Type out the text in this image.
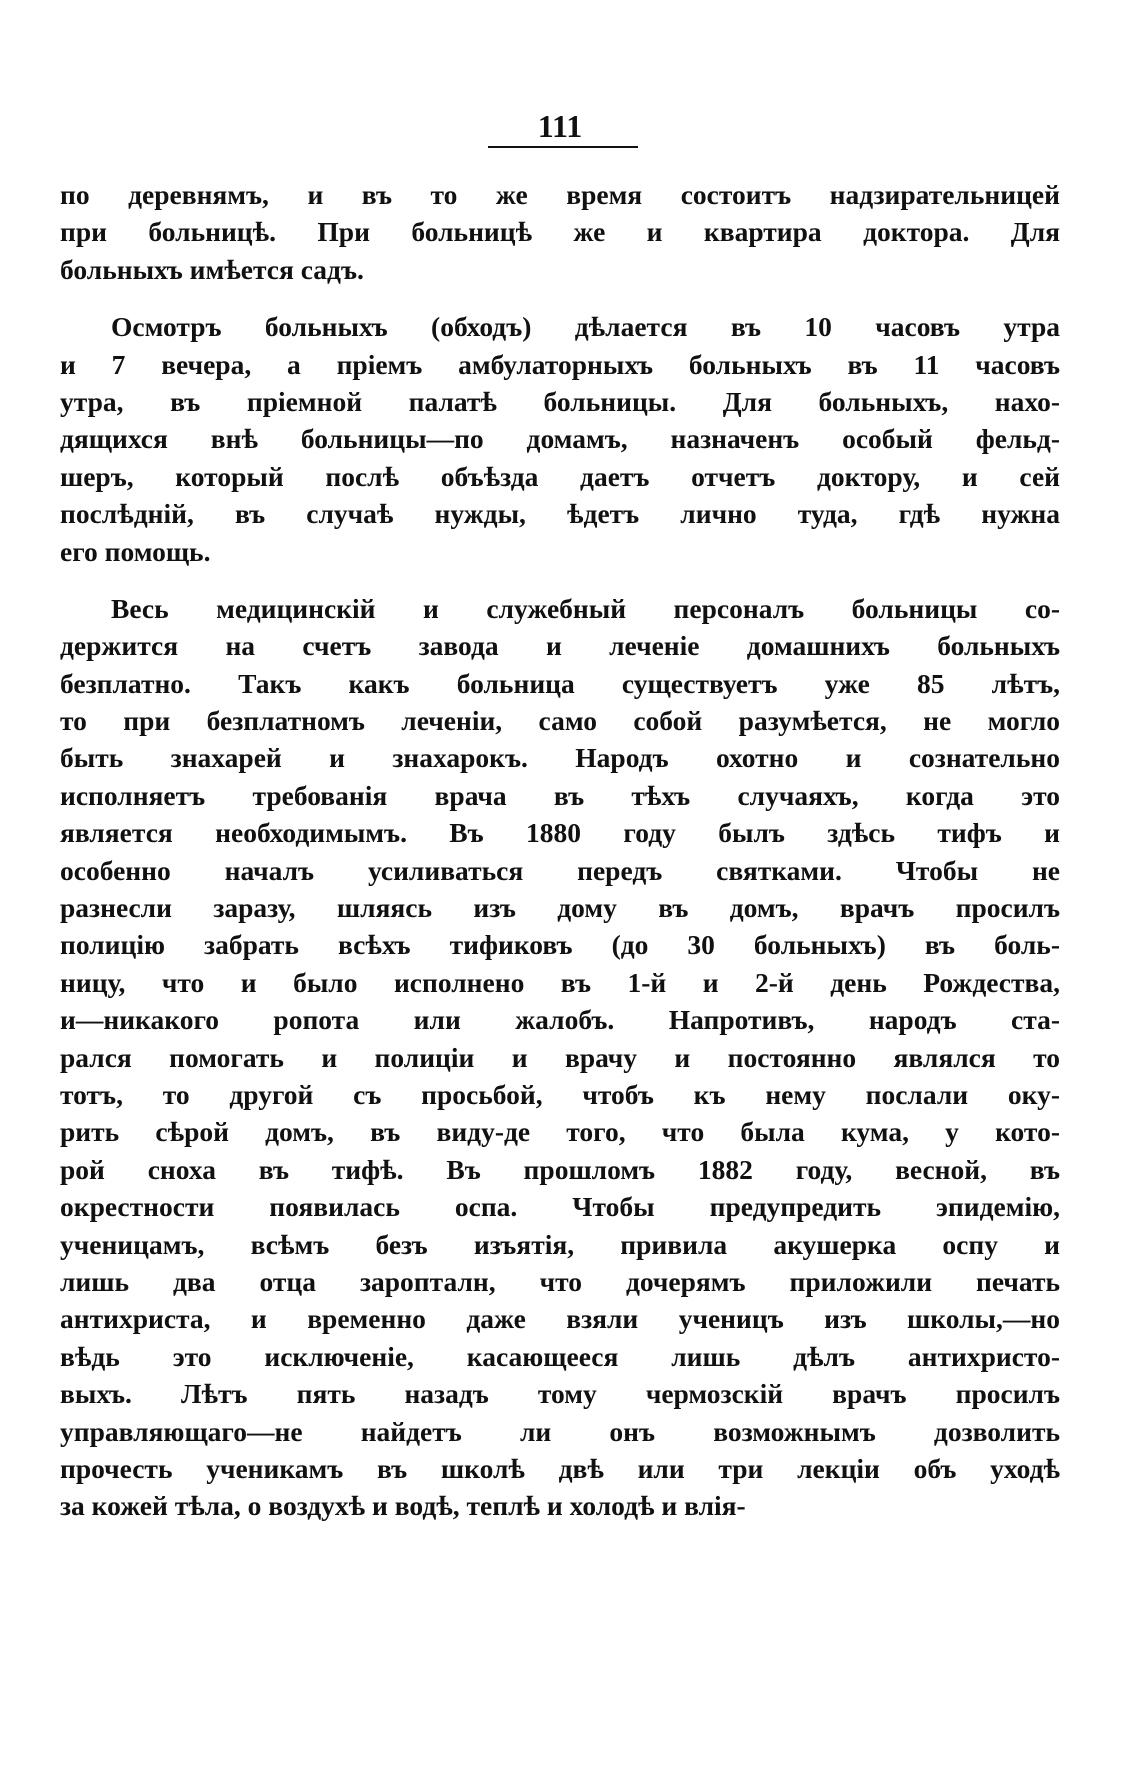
111
по деревнямъ, и въ то же время состоитъ надзирательницей
при больницѣ. При больницѣ же и квартира доктора. Для
больныхъ имѣется садъ.
Осмотръ больныхъ (обходъ) дѣлается въ 10 часовъ утра
и 7 вечера, а пріемъ амбулаторныхъ больныхъ въ 11 часовъ
утра, въ пріемной палатѣ больницы. Для больныхъ, нахо-
дящихся внѣ больницы—по домамъ, назначенъ особый фельд-
шеръ, который послѣ объѣзда даетъ отчетъ доктору, и сей
послѣдній, въ случаѣ нужды, ѣдетъ лично туда, гдѣ нужна
его помощь.
Весь медицинскій и служебный персоналъ больницы со-
держится на счетъ завода и леченіе домашнихъ больныхъ
безплатно. Такъ какъ больница существуетъ уже 85 лѣтъ,
то при безплатномъ леченіи, само собой разумѣется, не могло
быть знахарей и знахарокъ. Народъ охотно и сознательно
исполняетъ требованія врача въ тѣхъ случаяхъ, когда это
является необходимымъ. Въ 1880 году былъ здѣсь тифъ и
особенно началъ усиливаться передъ святками. Чтобы не
разнесли заразу, шляясь изъ дому въ домъ, врачъ просилъ
полицію забрать всѣхъ тификовъ (до 30 больныхъ) въ боль-
ницу, что и было исполнено въ 1-й и 2-й день Рождества,
и—никакого ропота или жалобъ. Напротивъ, народъ ста-
рался помогать и полиціи и врачу и постоянно являлся то
тотъ, то другой съ просьбой, чтобъ къ нему послали оку-
рить сѣрой домъ, въ виду-де того, что была кума, у кото-
рой сноха въ тифѣ. Въ прошломъ 1882 году, весной, въ
окрестности появилась оспа. Чтобы предупредить эпидемію,
ученицамъ, всѣмъ безъ изъятія, привила акушерка оспу и
лишь два отца заропталн, что дочерямъ приложили печать
антихриста, и временно даже взяли ученицъ изъ школы,—но
вѣдь это исключеніе, касающееся лишь дѣлъ антихристо-
выхъ. Лѣтъ пять назадъ тому чермозскій врачъ просилъ
управляющаго—не найдетъ ли онъ возможнымъ дозволить
прочесть ученикамъ въ школѣ двѣ или три лекціи объ уходѣ
за кожей тѣла, о воздухѣ и водѣ, теплѣ и холодѣ и влія-
